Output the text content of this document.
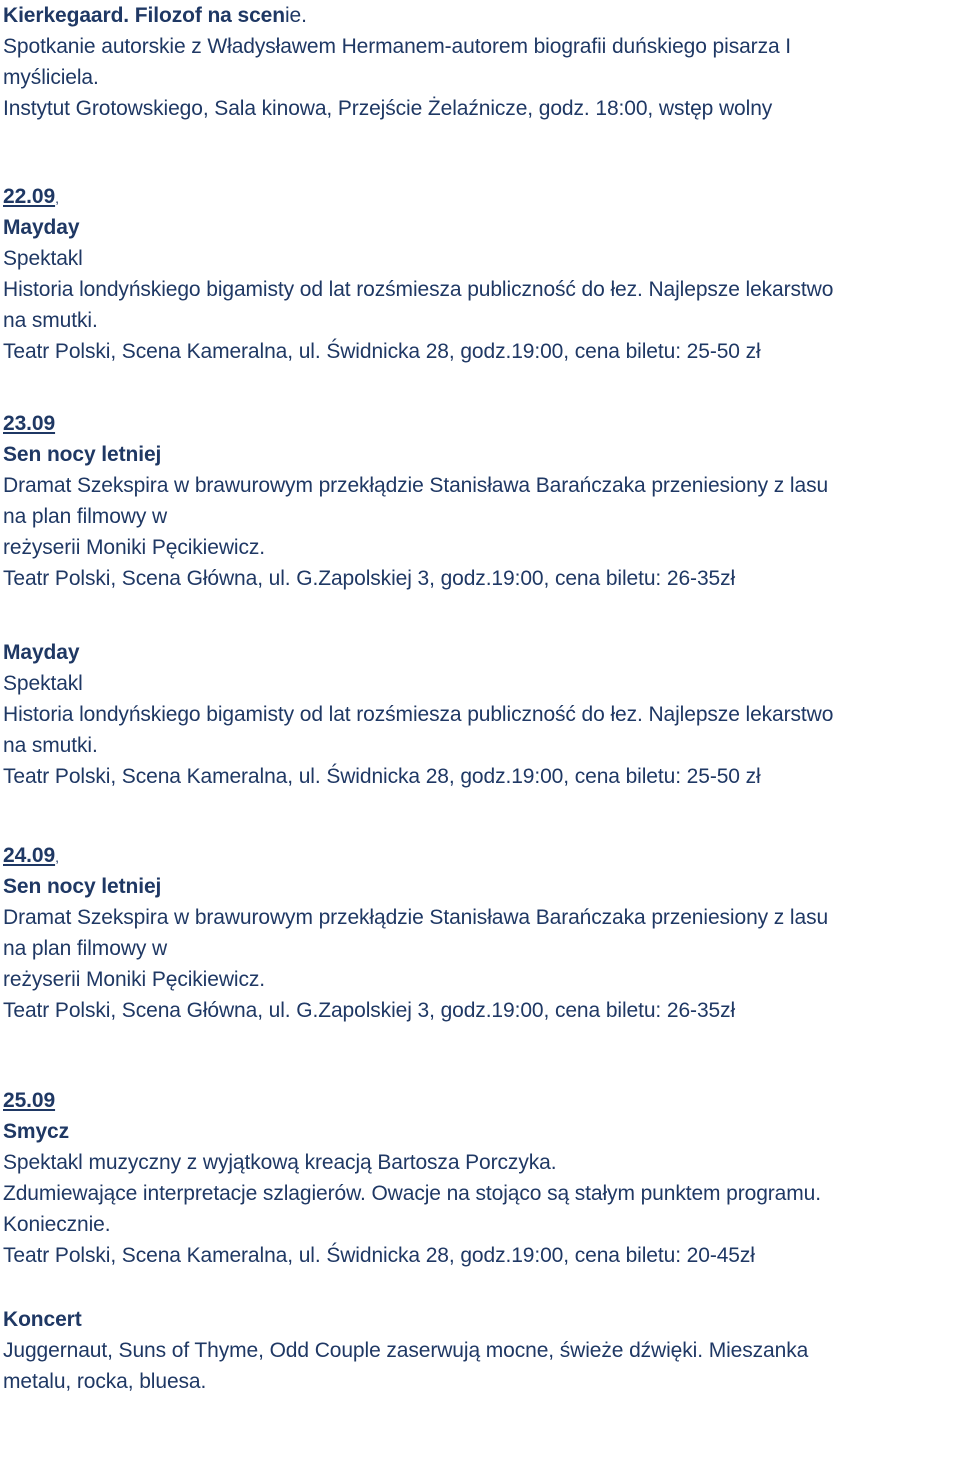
Kierkegaard. Filozof na scenie.
Spotkanie autorskie z Władysławem Hermanem-autorem biografii duńskiego pisarza I
myśliciela.
Instytut Grotowskiego, Sala kinowa, Przejście Żelaźnicze, godz. 18:00, wstęp wolny
22.09,
Mayday
Spektakl
Historia londyńskiego bigamisty od lat rozśmiesza publiczność do łez. Najlepsze lekarstwo
na smutki.
Teatr Polski, Scena Kameralna, ul. Świdnicka 28, godz.19:00, cena biletu: 25-50 zł
23.09
Sen nocy letniej
Dramat Szekspira w brawurowym przekłądzie Stanisława Barańczaka przeniesiony z lasu
na plan filmowy w
reżyserii Moniki Pęcikiewicz.
Teatr Polski, Scena Główna, ul. G.Zapolskiej 3, godz.19:00, cena biletu: 26-35zł
Mayday
Spektakl
Historia londyńskiego bigamisty od lat rozśmiesza publiczność do łez. Najlepsze lekarstwo
na smutki.
Teatr Polski, Scena Kameralna, ul. Świdnicka 28, godz.19:00, cena biletu: 25-50 zł
24.09,
Sen nocy letniej
Dramat Szekspira w brawurowym przekłądzie Stanisława Barańczaka przeniesiony z lasu
na plan filmowy w
reżyserii Moniki Pęcikiewicz.
Teatr Polski, Scena Główna, ul. G.Zapolskiej 3, godz.19:00, cena biletu: 26-35zł
25.09
Smycz
Spektakl muzyczny z wyjątkową kreacją Bartosza Porczyka.
Zdumiewające interpretacje szlagierów. Owacje na stojąco są stałym punktem programu.
Koniecznie.
Teatr Polski, Scena Kameralna, ul. Świdnicka 28, godz.19:00, cena biletu: 20-45zł
Koncert
Juggernaut, Suns of Thyme, Odd Couple zaserwują mocne, świeże dźwięki. Mieszanka
metalu, rocka, bluesa.
